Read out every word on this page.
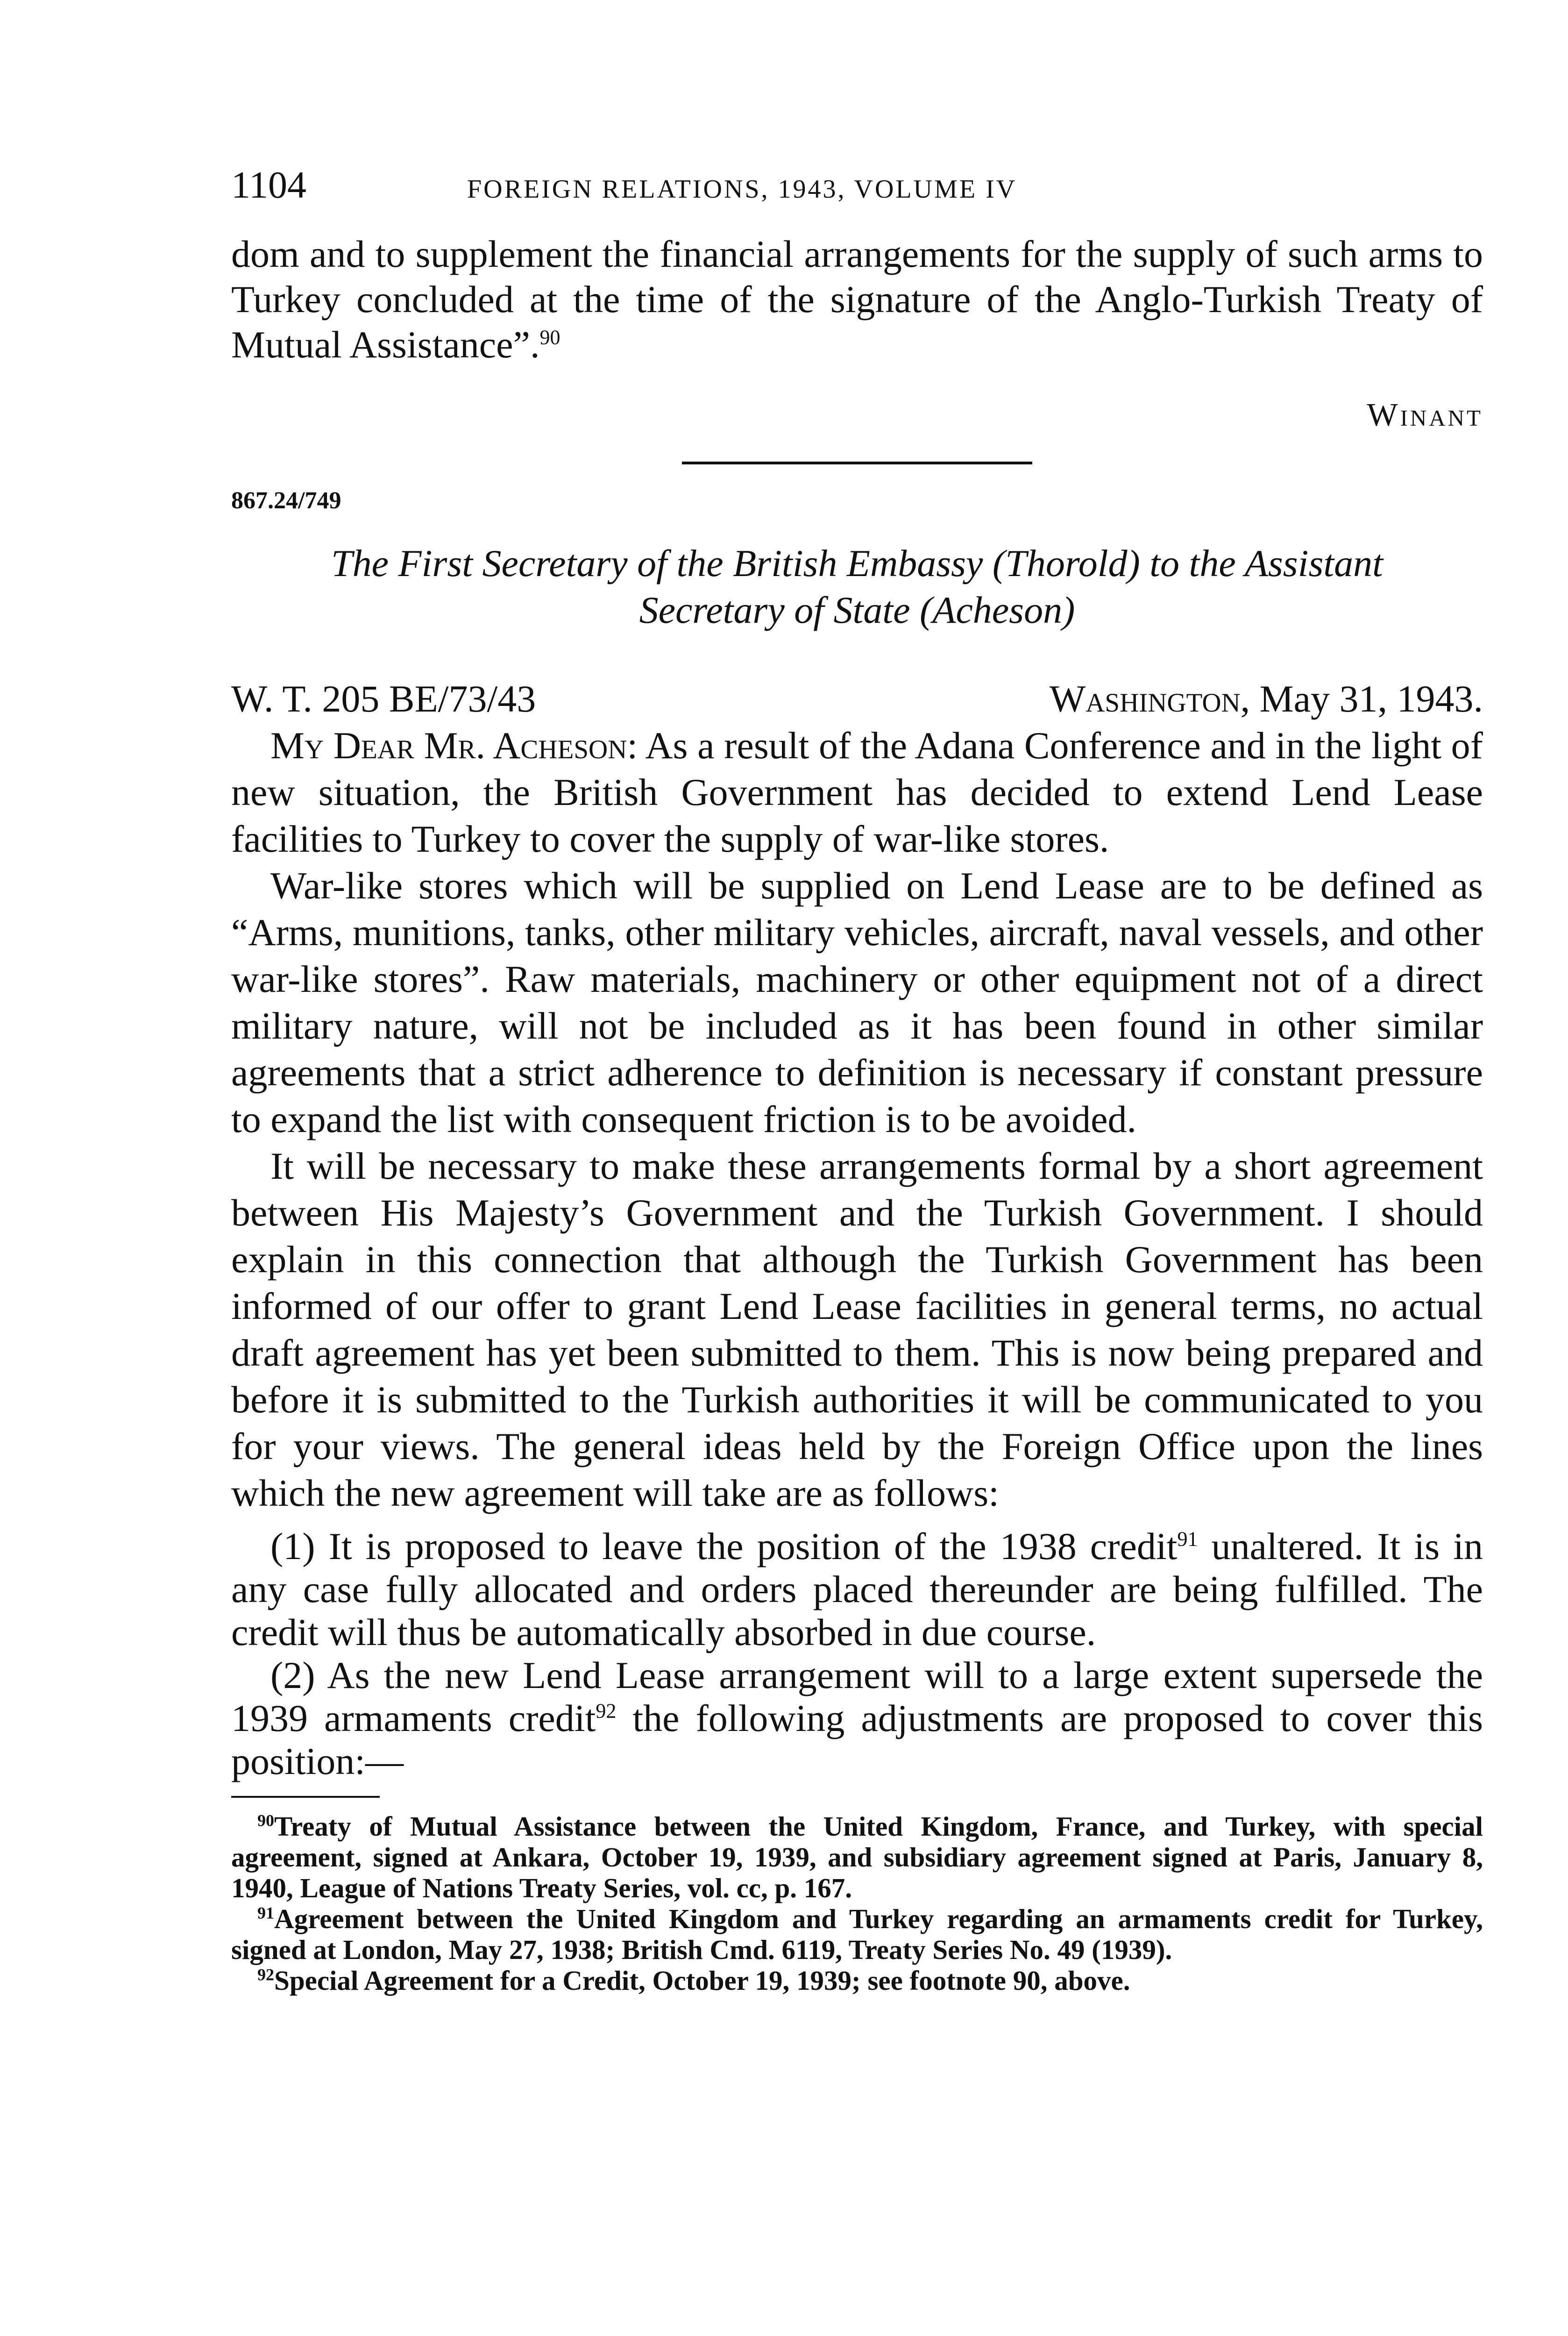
1104	FOREIGN RELATIONS, 1943, VOLUME IV

dom and to supplement the financial arrangements for the supply of such arms to Turkey concluded at the time of the signature of the Anglo-Turkish Treaty of Mutual Assistance”.$^{90}$

Winant
867.24/749
The First Secretary of the British Embassy (Thorold) to the Assistant
Secretary of State (Acheson)
W. T. 205 BE/73/43	Washington, May 31, 1943.

My Dear Mr. Acheson: As a result of the Adana Conference and in the light of new situation, the British Government has decided to extend Lend Lease facilities to Turkey to cover the supply of war-like stores.

War-like stores which will be supplied on Lend Lease are to be defined as “Arms, munitions, tanks, other military vehicles, aircraft, naval vessels, and other war-like stores”. Raw materials, machinery or other equipment not of a direct military nature, will not be included as it has been found in other similar agreements that a strict adherence to definition is necessary if constant pressure to expand the list with consequent friction is to be avoided.

It will be necessary to make these arrangements formal by a short agreement between His Majesty’s Government and the Turkish Government. I should explain in this connection that although the Turkish Government has been informed of our offer to grant Lend Lease facilities in general terms, no actual draft agreement has yet been submitted to them. This is now being prepared and before it is submitted to the Turkish authorities it will be communicated to you for your views. The general ideas held by the Foreign Office upon the lines which the new agreement will take are as follows:

(1) It is proposed to leave the position of the 1938 credit$^{91}$ unaltered. It is in any case fully allocated and orders placed thereunder are being fulfilled. The credit will thus be automatically absorbed in due course.

(2) As the new Lend Lease arrangement will to a large extent supersede the 1939 armaments credit$^{92}$ the following adjustments are proposed to cover this position:—

$^{90}$Treaty of Mutual Assistance between the United Kingdom, France, and Turkey, with special agreement, signed at Ankara, October 19, 1939, and subsidiary agreement signed at Paris, January 8, 1940, League of Nations Treaty Series, vol. cc, p. 167.

$^{91}$Agreement between the United Kingdom and Turkey regarding an armaments credit for Turkey, signed at London, May 27, 1938; British Cmd. 6119, Treaty Series No. 49 (1939).

$^{92}$Special Agreement for a Credit, October 19, 1939; see footnote 90, above.
